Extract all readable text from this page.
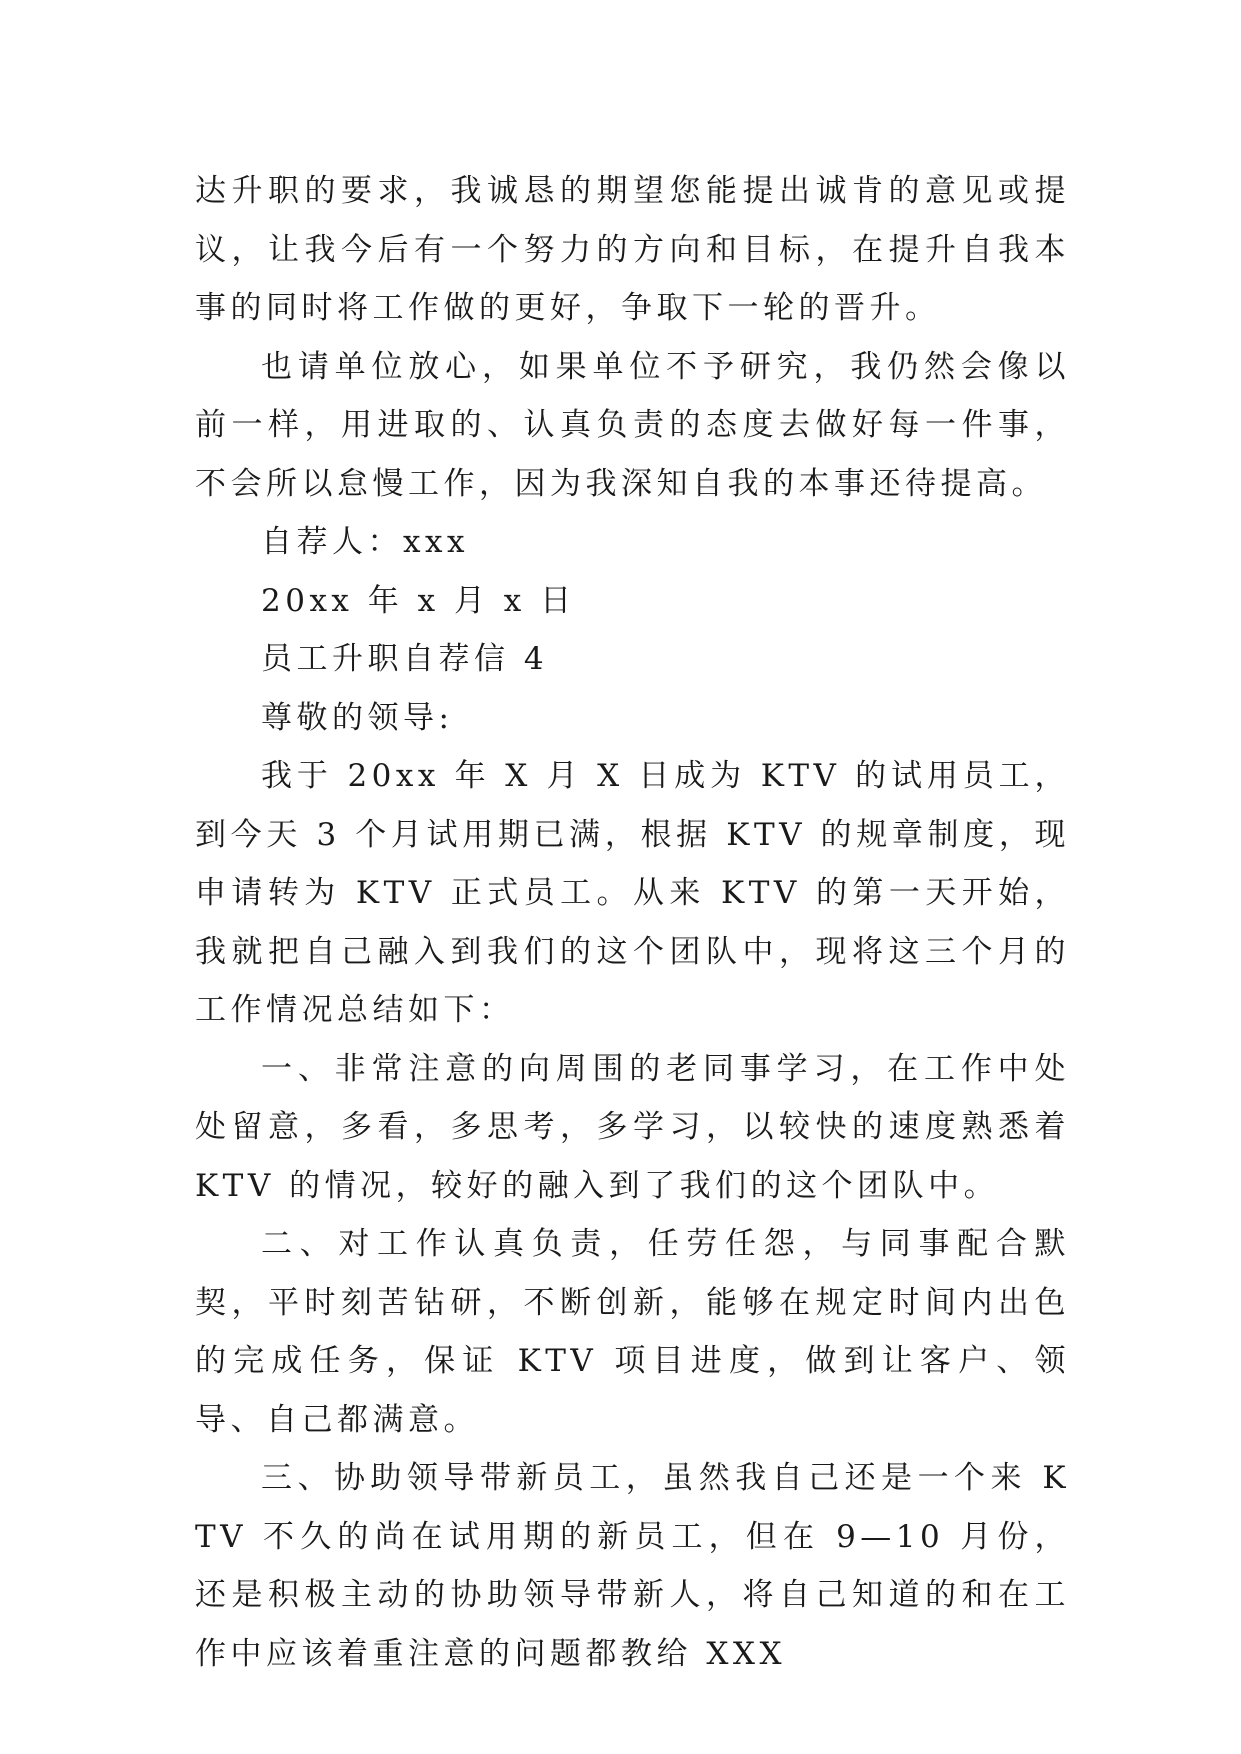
达升职的要求，我诚恳的期望您能提出诚肯的意见或提议，让我今后有一个努力的方向和目标，在提升自我本事的同时将工作做的更好，争取下一轮的晋升。

也请单位放心，如果单位不予研究，我仍然会像以前一样，用进取的、认真负责的态度去做好每一件事，不会所以怠慢工作，因为我深知自我的本事还待提高。

自荐人：xxx

20xx 年 x 月 x 日

员工升职自荐信 4

尊敬的领导:

我于 20xx 年 X 月 X 日成为 KTV 的试用员工，到今天 3 个月试用期已满，根据 KTV 的规章制度，现申请转为 KTV 正式员工。从来 KTV 的第一天开始，我就把自己融入到我们的这个团队中，现将这三个月的工作情况总结如下：

一、非常注意的向周围的老同事学习，在工作中处处留意，多看，多思考，多学习，以较快的速度熟悉着 KTV 的情况，较好的融入到了我们的这个团队中。

二、对工作认真负责，任劳任怨，与同事配合默契，平时刻苦钻研，不断创新，能够在规定时间内出色的完成任务，保证 KTV 项目进度，做到让客户、领导、自己都满意。

三、协助领导带新员工，虽然我自己还是一个来 KTV 不久的尚在试用期的新员工，但在 9—10 月份，还是积极主动的协助领导带新人，将自己知道的和在工作中应该着重注意的问题都教给 XXX
